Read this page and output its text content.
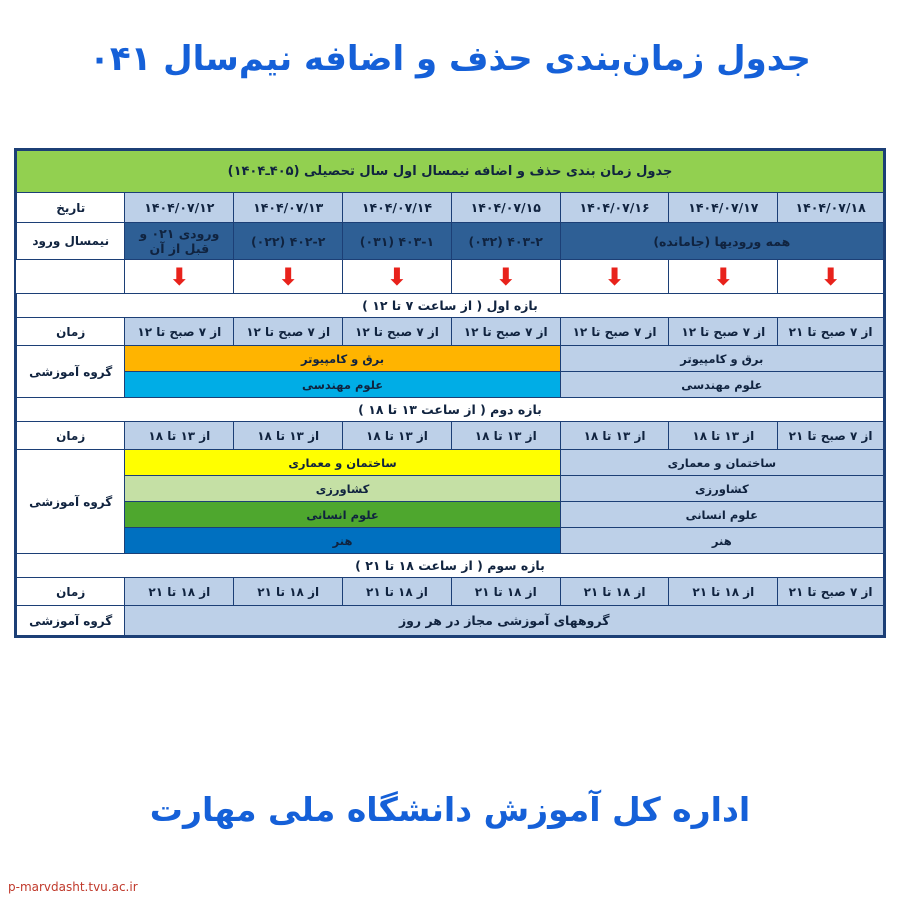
جدول زمان‌بندی حذف و اضافه نیم‌سال ۰۴۱
جدول زمان بندی حذف و اضافه نیمسال اول سال تحصیلی (۴۰۵ـ۱۴۰۴)							
۱۴۰۴/۰۷/۱۸	۱۴۰۴/۰۷/۱۷	۱۴۰۴/۰۷/۱۶	۱۴۰۴/۰۷/۱۵	۱۴۰۴/۰۷/۱۴	۱۴۰۴/۰۷/۱۳	۱۴۰۴/۰۷/۱۲	تاریخ
همه ورودیها (جامانده)			۴۰۳-۲ (۰۳۲)	۴۰۳-۱ (۰۳۱)	۴۰۲-۲ (۰۲۲)	ورودی ۰۲۱ و قبل از آن	نیمسال ورود
⬇	⬇	⬇	⬇	⬇	⬇	⬇	
بازه اول ( از ساعت ۷ تا ۱۲ )							
از ۷ صبح تا ۲۱	از ۷ صبح تا ۱۲	از ۷ صبح تا ۱۲	از ۷ صبح تا ۱۲	از ۷ صبح تا ۱۲	از ۷ صبح تا ۱۲	از ۷ صبح تا ۱۲	زمان
برق و کامپیوتر			برق و کامپیوتر				گروه آموزشی
علوم مهندسی			علوم مهندسی				
بازه دوم ( از ساعت ۱۳ تا ۱۸ )							
از ۷ صبح تا ۲۱	از ۱۳ تا ۱۸	از ۱۳ تا ۱۸	از ۱۳ تا ۱۸	از ۱۳ تا ۱۸	از ۱۳ تا ۱۸	از ۱۳ تا ۱۸	زمان
ساختمان و معماری			ساختمان و معماری				گروه آموزشی
کشاورزی			کشاورزی				
علوم انسانی			علوم انسانی				
هنر			هنر				
بازه سوم ( از ساعت ۱۸ تا ۲۱ )							
از ۷ صبح تا ۲۱	از ۱۸ تا ۲۱	از ۱۸ تا ۲۱	از ۱۸ تا ۲۱	از ۱۸ تا ۲۱	از ۱۸ تا ۲۱	از ۱۸ تا ۲۱	زمان
گروههای آموزشی مجاز در هر روز							گروه آموزشی
اداره کل آموزش دانشگاه ملی مهارت
p-marvdasht.tvu.ac.ir
